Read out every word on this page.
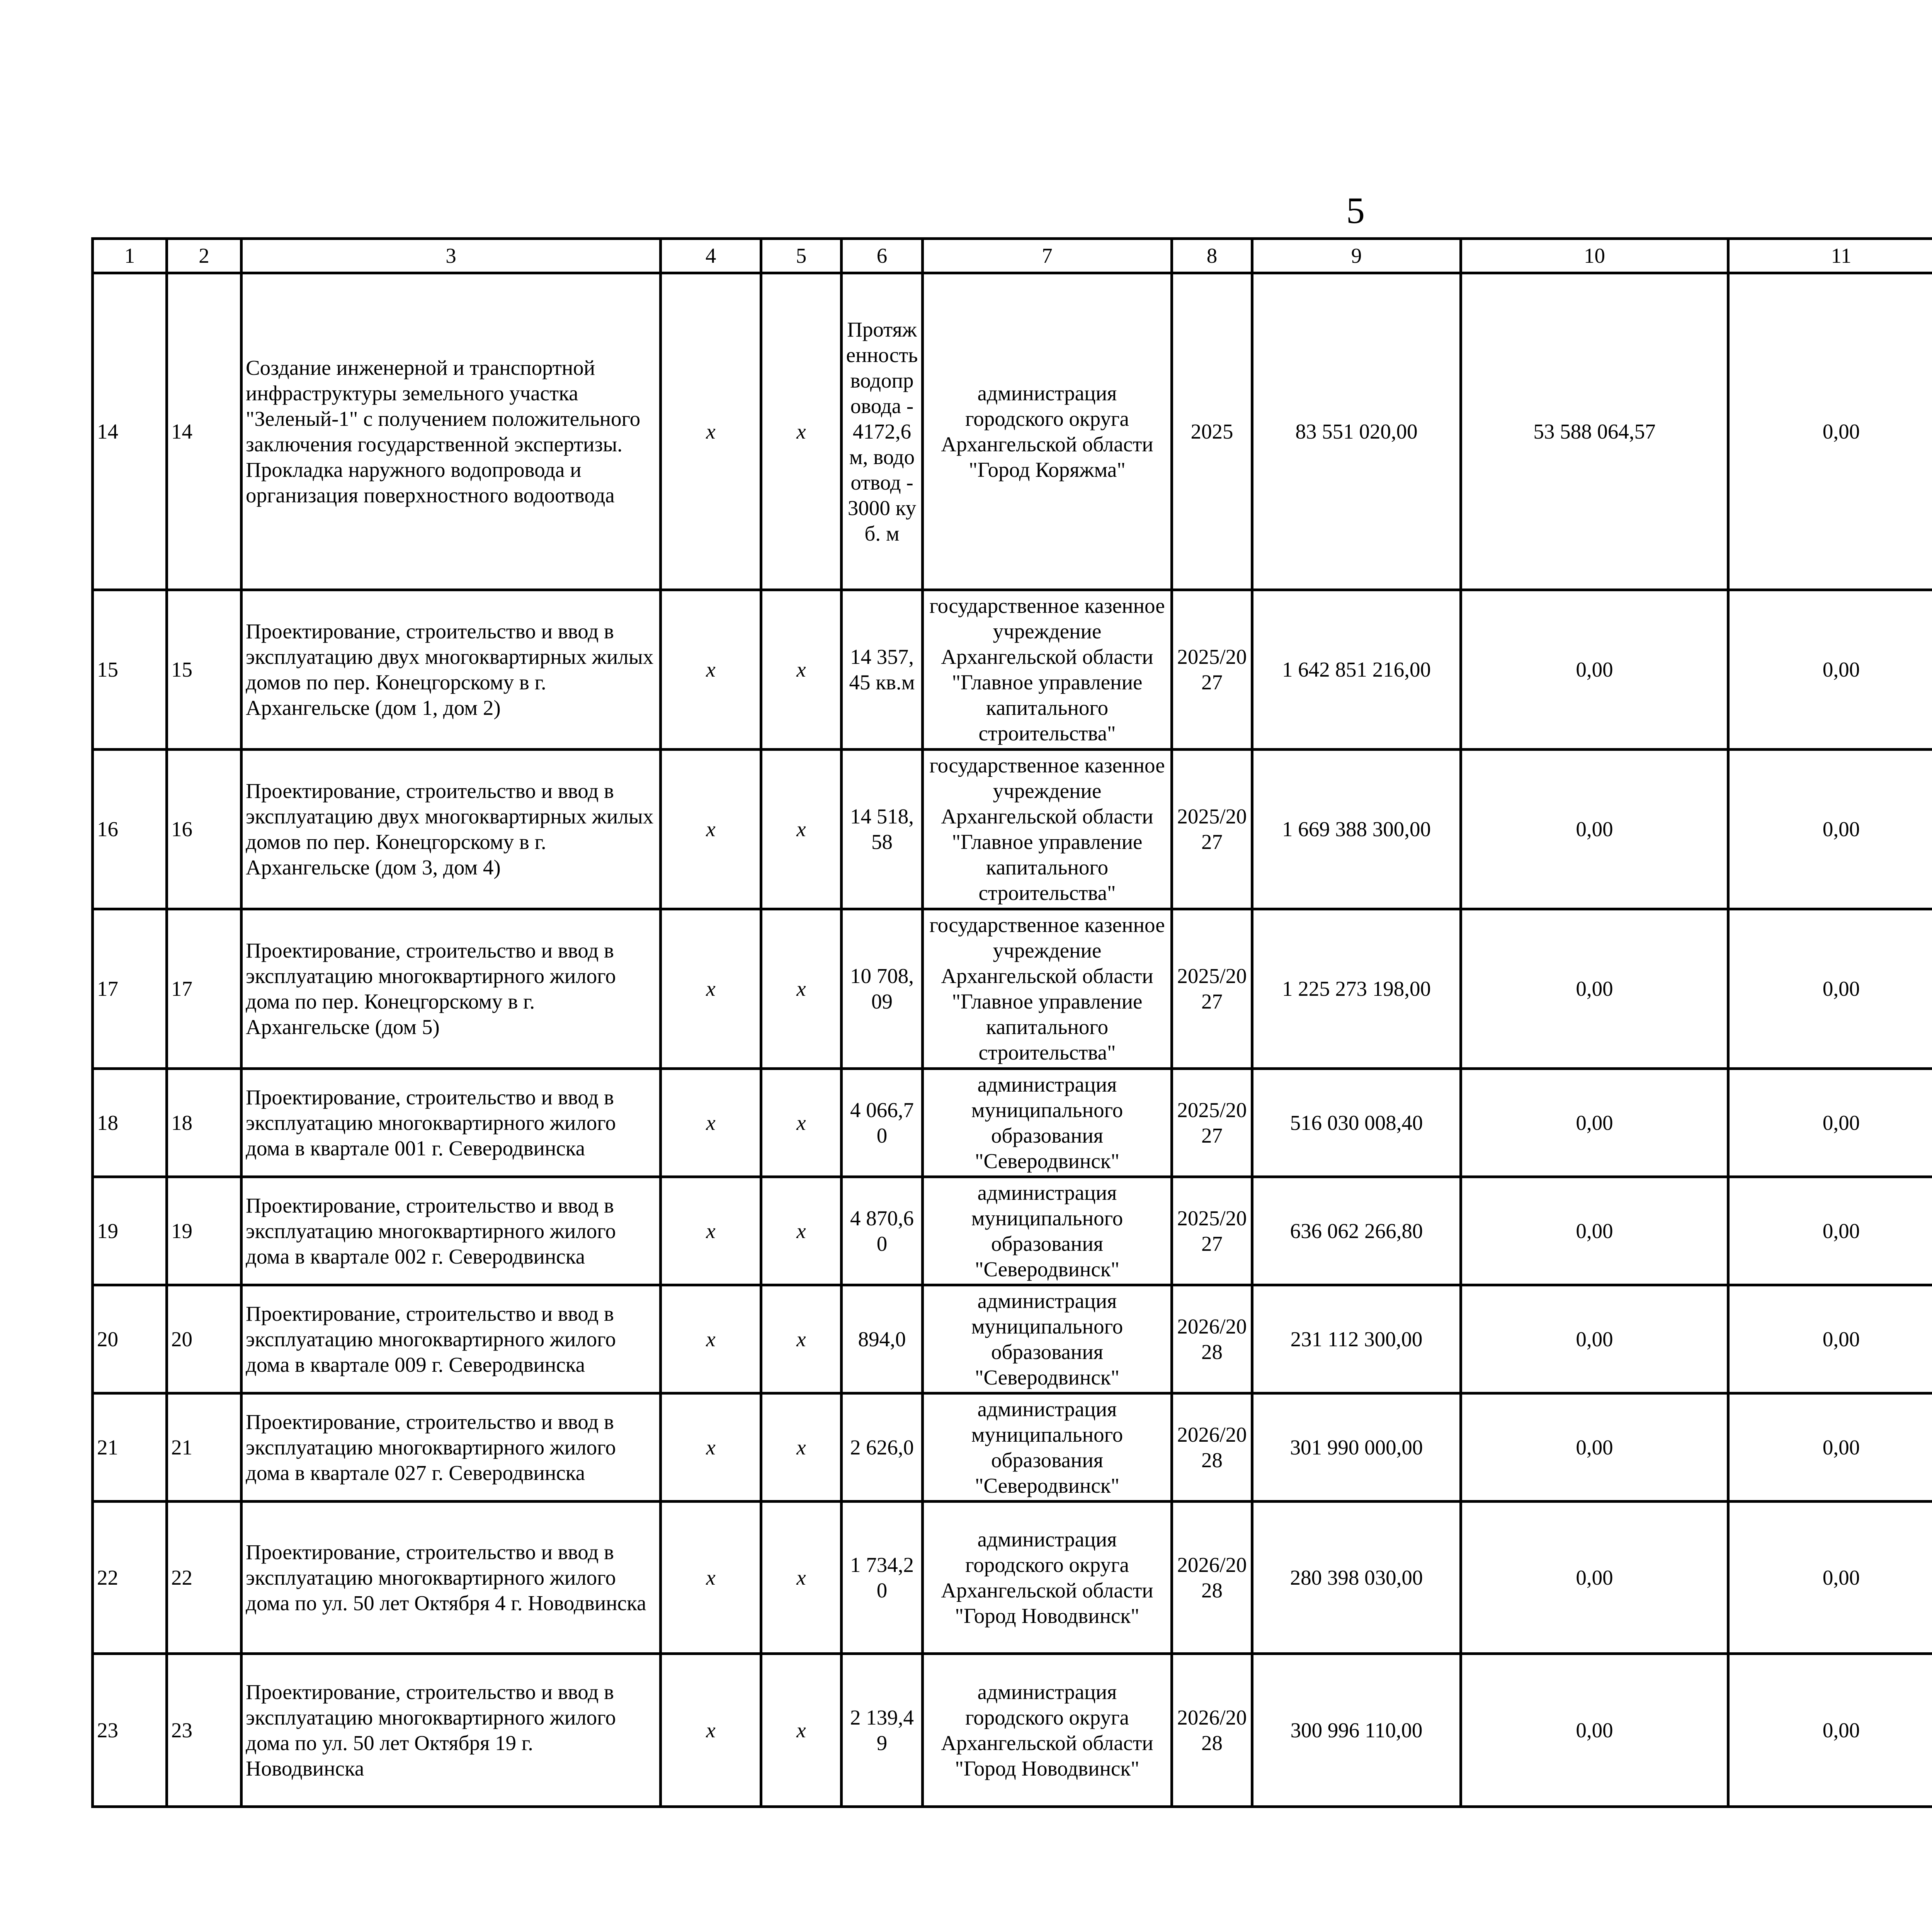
5
1	2	3	4	5	6	7	8	9	10	11			
14	14	Создание инженерной и транспортной инфраструктуры земельного участка "Зеленый-1" с получением положительного заключения государственной экспертизы. Прокладка наружного водопровода и организация поверхностного водоотвода	х	х	Протяженность водопровода - 4172,6 м, водоотвод - 3000 куб. м	администрация городского округа Архангельской области "Город Коряжма"	2025	83 551 020,00	53 588 064,57	0,00			
15	15	Проектирование, строительство и ввод в эксплуатацию двух многоквартирных жилых домов по пер. Конецгорскому в г. Архангельске (дом 1, дом 2)	х	х	14 357,45 кв.м	государственное казенное учреждение Архангельской области "Главное управление капитального строительства"	2025/2027	1 642 851 216,00	0,00	0,00			
16	16	Проектирование, строительство и ввод в эксплуатацию двух многоквартирных жилых домов по пер. Конецгорскому в г. Архангельске (дом 3, дом 4)	х	х	14 518,58	государственное казенное учреждение Архангельской области "Главное управление капитального строительства"	2025/2027	1 669 388 300,00	0,00	0,00			
17	17	Проектирование, строительство и ввод в эксплуатацию многоквартирного жилого дома по пер. Конецгорскому в г. Архангельске (дом 5)	х	х	10 708,09	государственное казенное учреждение Архангельской области "Главное управление капитального строительства"	2025/2027	1 225 273 198,00	0,00	0,00			
18	18	Проектирование, строительство и ввод в эксплуатацию многоквартирного жилого дома в квартале 001 г. Северодвинска	х	х	4 066,70	администрация муниципального образования "Северодвинск"	2025/2027	516 030 008,40	0,00	0,00			
19	19	Проектирование, строительство и ввод в эксплуатацию многоквартирного жилого дома в квартале 002 г. Северодвинска	х	х	4 870,60	администрация муниципального образования "Северодвинск"	2025/2027	636 062 266,80	0,00	0,00			
20	20	Проектирование, строительство и ввод в эксплуатацию многоквартирного жилого дома в квартале 009 г. Северодвинска	х	х	894,0	администрация муниципального образования "Северодвинск"	2026/2028	231 112 300,00	0,00	0,00			
21	21	Проектирование, строительство и ввод в эксплуатацию многоквартирного жилого дома в квартале 027 г. Северодвинска	х	х	2 626,0	администрация муниципального образования "Северодвинск"	2026/2028	301 990 000,00	0,00	0,00			
22	22	Проектирование, строительство и ввод в эксплуатацию многоквартирного жилого дома по ул. 50 лет Октября 4 г. Новодвинска	х	х	1 734,20	администрация городского округа Архангельской области "Город Новодвинск"	2026/2028	280 398 030,00	0,00	0,00			
23	23	Проектирование, строительство и ввод в эксплуатацию многоквартирного жилого дома по ул. 50 лет Октября 19 г. Новодвинска	х	х	2 139,49	администрация городского округа Архангельской области "Город Новодвинск"	2026/2028	300 996 110,00	0,00	0,00			
